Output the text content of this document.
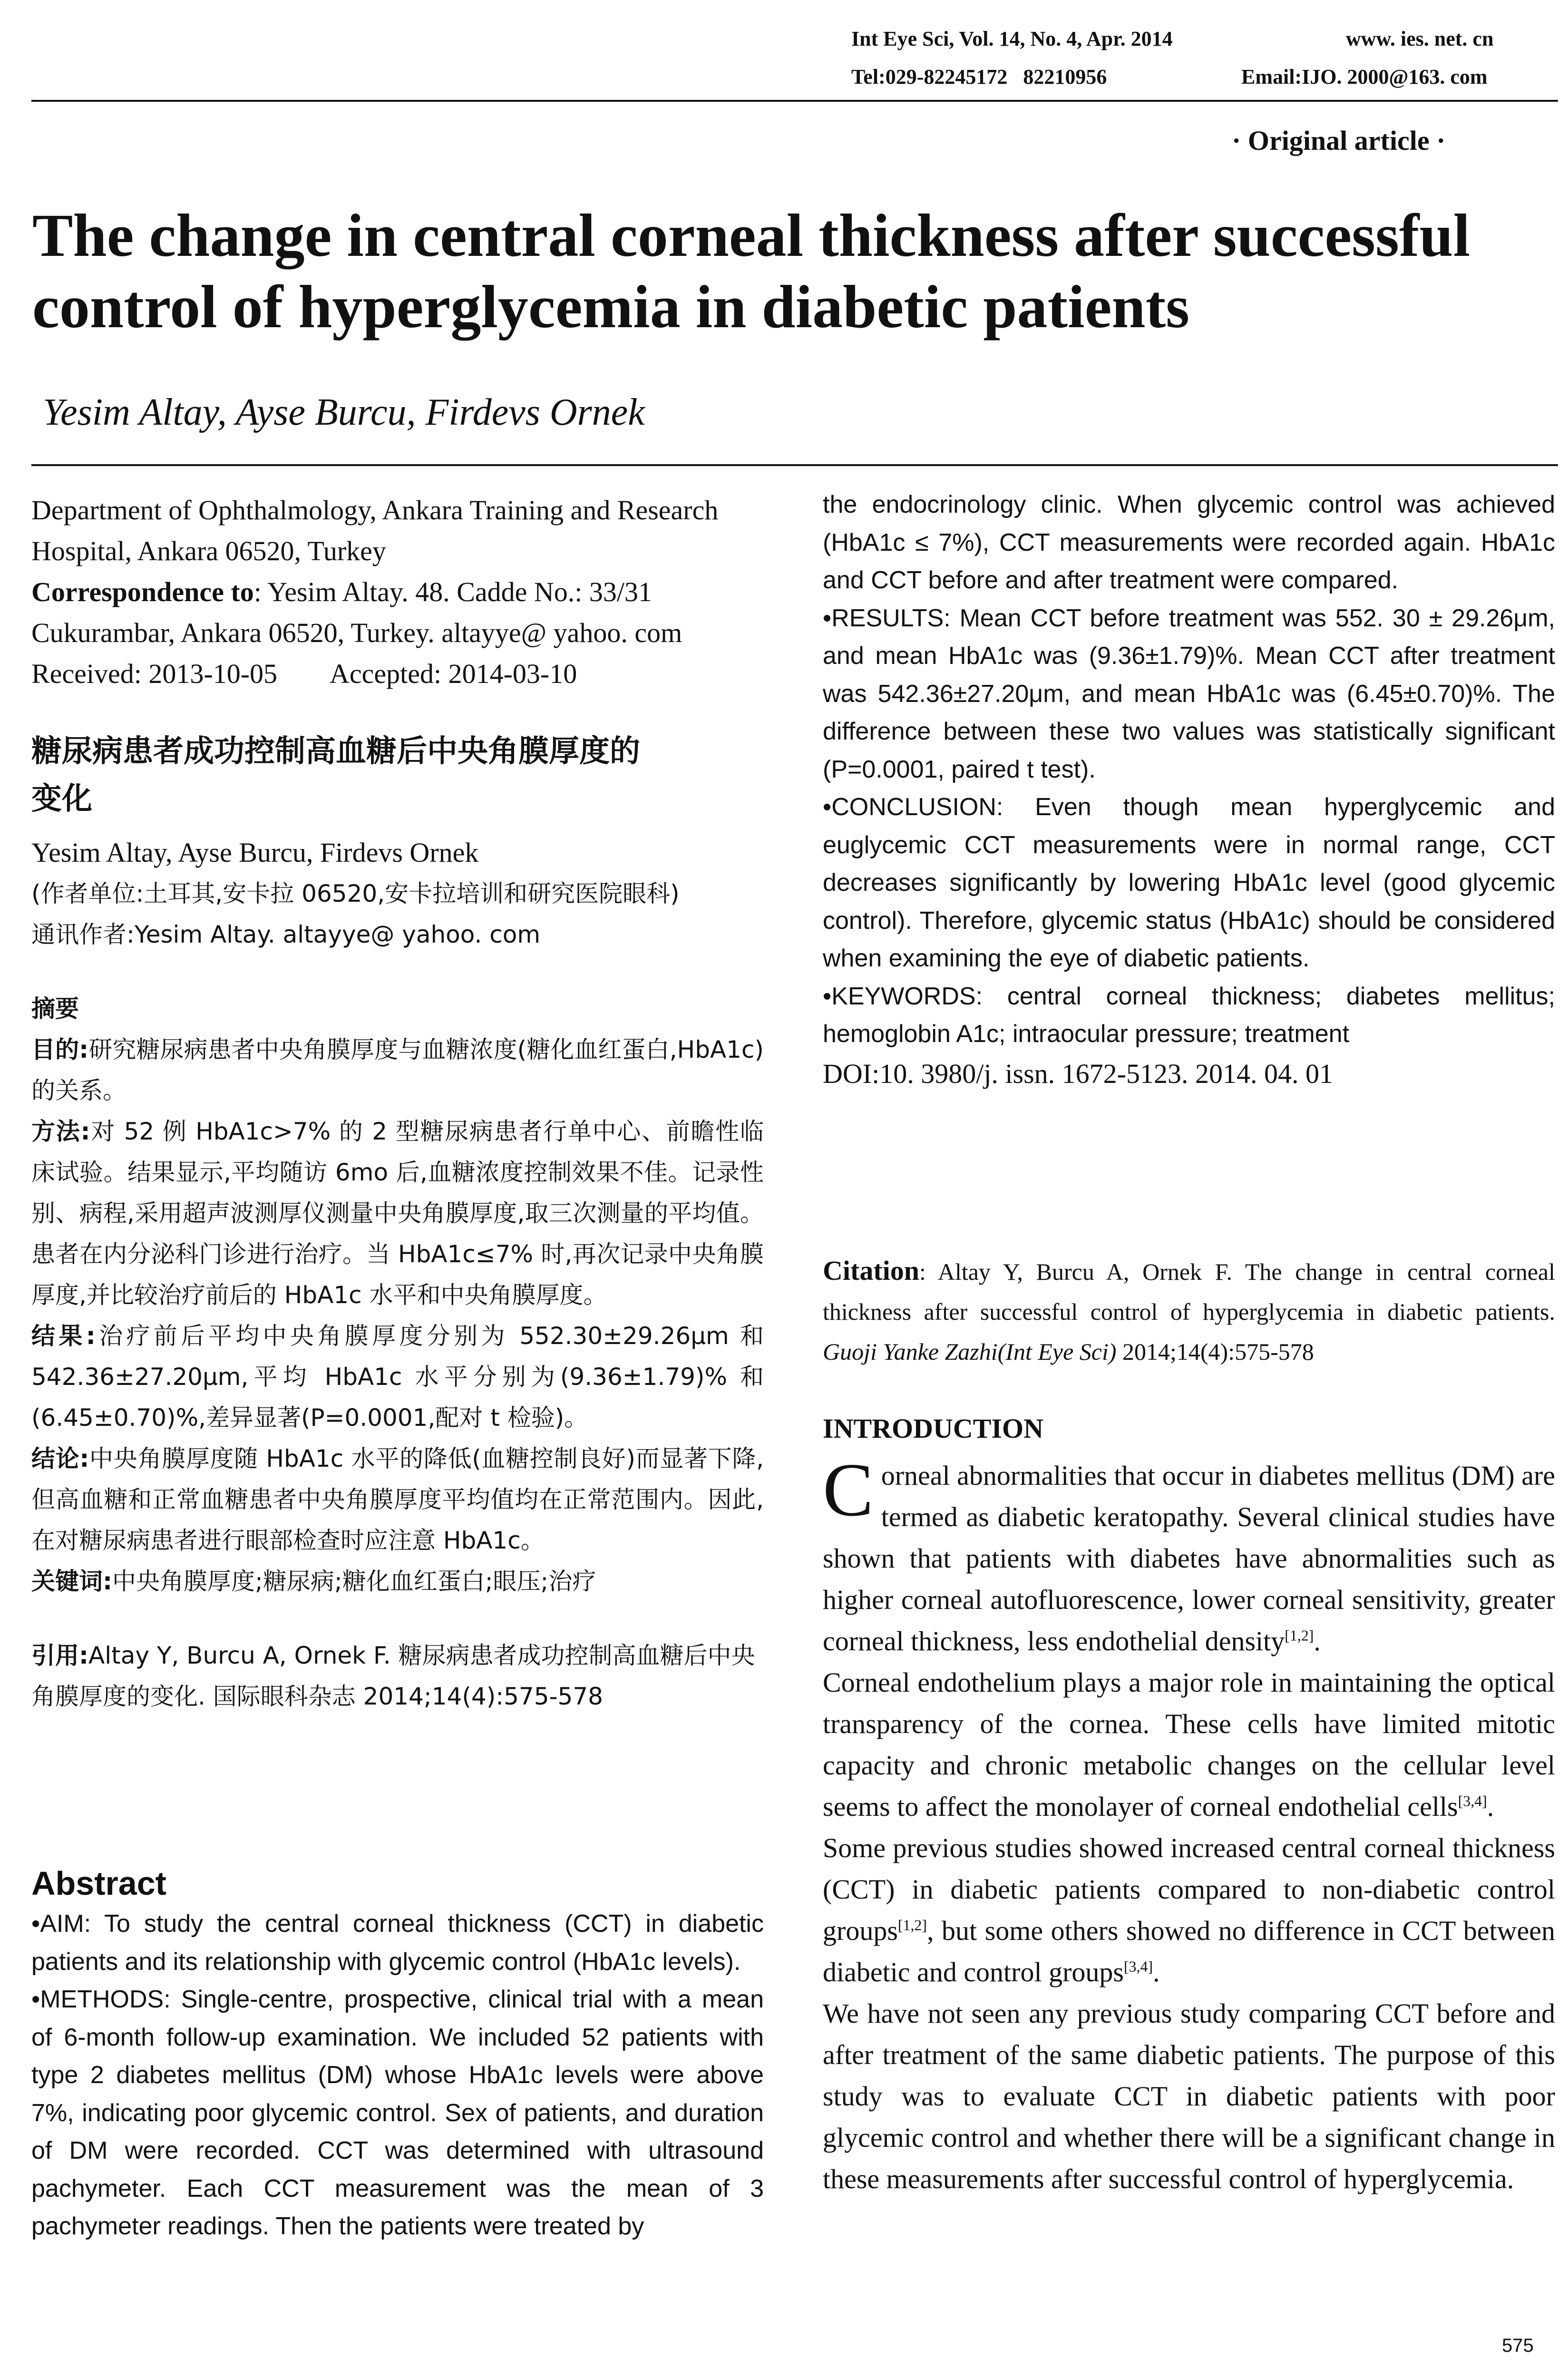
Int Eye Sci, Vol. 14, No. 4, Apr. 2014	www. ies. net. cn
Tel:029-82245172   82210956	Email:IJO. 2000@163. com
· Original article ·
The change in central corneal thickness after successful
control of hyperglycemia in diabetic patients
Yesim Altay, Ayse Burcu, Firdevs Ornek

Department of Ophthalmology, Ankara Training and Research Hospital, Ankara 06520, Turkey

Correspondence to: Yesim Altay. 48. Cadde No.: 33/31 Cukurambar, Ankara 06520, Turkey. altayye@ yahoo. com

Received: 2013-10-05 Accepted: 2014-03-10

糖尿病患者成功控制高血糖后中央角膜厚度的
变化
Yesim Altay, Ayse Burcu, Firdevs Ornek
(作者单位:土耳其,安卡拉 06520,安卡拉培训和研究医院眼科)
通讯作者:Yesim Altay. altayye@ yahoo. com
摘要
目的:研究糖尿病患者中央角膜厚度与血糖浓度(糖化血红蛋白,HbA1c)的关系。
方法:对 52 例 HbA1c>7% 的 2 型糖尿病患者行单中心、前瞻性临床试验。结果显示,平均随访 6mo 后,血糖浓度控制效果不佳。记录性别、病程,采用超声波测厚仪测量中央角膜厚度,取三次测量的平均值。患者在内分泌科门诊进行治疗。当 HbA1c≤7% 时,再次记录中央角膜厚度,并比较治疗前后的 HbA1c 水平和中央角膜厚度。
结果:治疗前后平均中央角膜厚度分别为 552.30±29.26μm 和 542.36±27.20μm,平均 HbA1c 水平分别为(9.36±1.79)% 和(6.45±0.70)%,差异显著(P=0.0001,配对 t 检验)。
结论:中央角膜厚度随 HbA1c 水平的降低(血糖控制良好)而显著下降,但高血糖和正常血糖患者中央角膜厚度平均值均在正常范围内。因此,在对糖尿病患者进行眼部检查时应注意 HbA1c。
关键词:中央角膜厚度;糖尿病;糖化血红蛋白;眼压;治疗
引用:Altay Y, Burcu A, Ornek F. 糖尿病患者成功控制高血糖后中央角膜厚度的变化. 国际眼科杂志 2014;14(4):575-578
Abstract
• AIM: To study the central corneal thickness (CCT) in diabetic patients and its relationship with glycemic control (HbA1c levels).
• METHODS: Single-centre, prospective, clinical trial with a mean of 6-month follow-up examination. We included 52 patients with type 2 diabetes mellitus (DM) whose HbA1c levels were above 7%, indicating poor glycemic control. Sex of patients, and duration of DM were recorded. CCT was determined with ultrasound pachymeter. Each CCT measurement was the mean of 3 pachymeter readings. Then the patients were treated by
the endocrinology clinic. When glycemic control was achieved (HbA1c ≤ 7%), CCT measurements were recorded again. HbA1c and CCT before and after treatment were compared.
• RESULTS: Mean CCT before treatment was 552. 30 ± 29.26μm, and mean HbA1c was (9.36±1.79)%. Mean CCT after treatment was 542.36±27.20μm, and mean HbA1c was (6.45±0.70)%. The difference between these two values was statistically significant (P=0.0001, paired t test).
• CONCLUSION: Even though mean hyperglycemic and euglycemic CCT measurements were in normal range, CCT decreases significantly by lowering HbA1c level (good glycemic control). Therefore, glycemic status (HbA1c) should be considered when examining the eye of diabetic patients.
• KEYWORDS: central corneal thickness; diabetes mellitus; hemoglobin A1c; intraocular pressure; treatment
DOI:10. 3980/j. issn. 1672-5123. 2014. 04. 01
Citation: Altay Y, Burcu A, Ornek F. The change in central corneal thickness after successful control of hyperglycemia in diabetic patients. Guoji Yanke Zazhi(Int Eye Sci) 2014;14(4):575-578
INTRODUCTION

Corneal abnormalities that occur in diabetes mellitus (DM) are termed as diabetic keratopathy. Several clinical studies have shown that patients with diabetes have abnormalities such as higher corneal autofluorescence, lower corneal sensitivity, greater corneal thickness, less endothelial density[1,2].

Corneal endothelium plays a major role in maintaining the optical transparency of the cornea. These cells have limited mitotic capacity and chronic metabolic changes on the cellular level seems to affect the monolayer of corneal endothelial cells[3,4].

Some previous studies showed increased central corneal thickness (CCT) in diabetic patients compared to non-diabetic control groups[1,2], but some others showed no difference in CCT between diabetic and control groups[3,4].

We have not seen any previous study comparing CCT before and after treatment of the same diabetic patients. The purpose of this study was to evaluate CCT in diabetic patients with poor glycemic control and whether there will be a significant change in these measurements after successful control of hyperglycemia.

575
